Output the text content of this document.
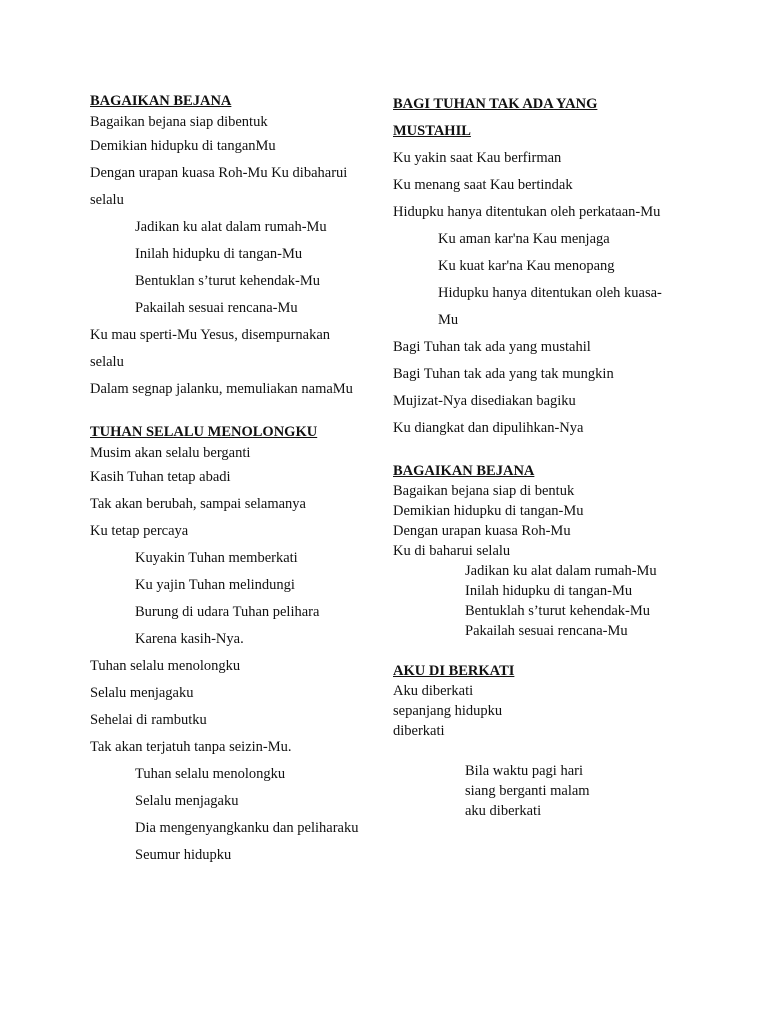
BAGAIKAN BEJANA
Bagaikan bejana siap dibentuk
Demikian hidupku di tanganMu
Dengan urapan kuasa Roh-Mu Ku dibaharui
selalu
Jadikan ku alat dalam rumah-Mu
Inilah hidupku di tangan-Mu
Bentuklan s’turut kehendak-Mu
Pakailah sesuai rencana-Mu
Ku mau sperti-Mu Yesus, disempurnakan
selalu
Dalam segnap jalanku, memuliakan namaMu
TUHAN SELALU MENOLONGKU
Musim akan selalu berganti
Kasih Tuhan tetap abadi
Tak akan berubah, sampai selamanya
Ku tetap percaya
Kuyakin Tuhan memberkati
Ku yajin Tuhan melindungi
Burung di udara Tuhan pelihara
Karena kasih-Nya.
Tuhan selalu menolongku
Selalu menjagaku
Sehelai di rambutku
Tak akan terjatuh tanpa seizin-Mu.
Tuhan selalu menolongku
Selalu menjagaku
Dia mengenyangkanku dan peliharaku
Seumur hidupku
BAGI TUHAN TAK ADA YANG
MUSTAHIL
Ku yakin saat Kau berfirman
Ku menang saat Kau bertindak
Hidupku hanya ditentukan oleh perkataan-Mu
Ku aman kar'na Kau menjaga
Ku kuat kar'na Kau menopang
Hidupku hanya ditentukan oleh kuasa-
Mu
Bagi Tuhan tak ada yang mustahil
Bagi Tuhan tak ada yang tak mungkin
Mujizat-Nya disediakan bagiku
Ku diangkat dan dipulihkan-Nya
BAGAIKAN BEJANA
Bagaikan bejana siap di bentuk
Demikian hidupku di tangan-Mu
Dengan urapan kuasa Roh-Mu
Ku di baharui selalu
Jadikan ku alat dalam rumah-Mu
Inilah hidupku di tangan-Mu
Bentuklah s’turut kehendak-Mu
Pakailah sesuai rencana-Mu
AKU DI BERKATI
Aku diberkati
sepanjang hidupku
diberkati
Bila waktu pagi hari
siang berganti malam
aku diberkati
